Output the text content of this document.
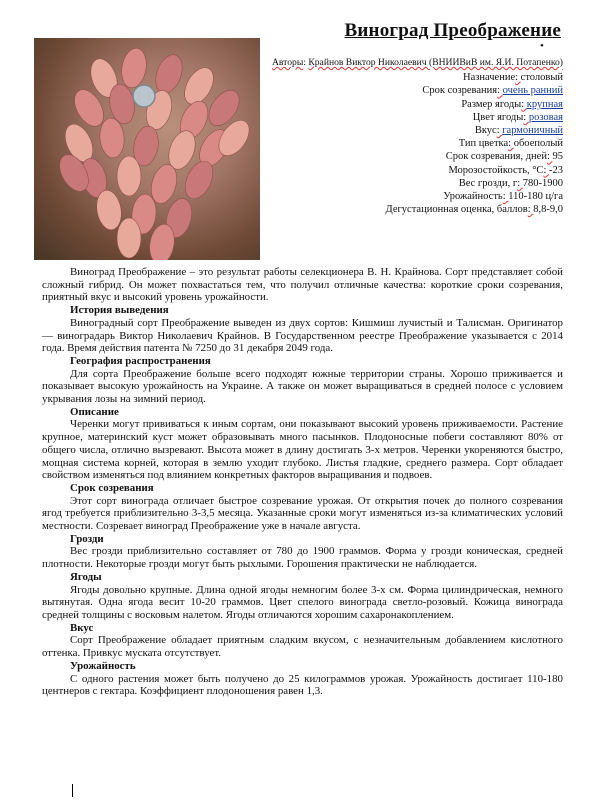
Виноград Преображение
•
Авторы: Крайнов Виктор Николаевич (ВНИИВиВ им. Я.И. Потапенко)
Назначение: столовый
Срок созревания: очень ранний
Размер ягоды: крупная
Цвет ягоды: розовая
Вкус: гармоничный
Тип цветка: обоеполый
Срок созревания, дней: 95
Морозостойкость, °С: -23
Вес грозди, г: 780-1900
Урожайность: 110-180 ц/га
Дегустационная оценка, баллов: 8,8-9,0

Виноград Преображение – это результат работы селекционера В. Н. Крайнова. Сорт представляет собой сложный гибрид. Он может похвастаться тем, что получил отличные качества: короткие сроки созревания, приятный вкус и высокий уровень урожайности.

История выведения

Виноградный сорт Преображение выведен из двух сортов: Кишмиш лучистый и Талисман. Оригинатор — виноградарь Виктор Николаевич Крайнов. В Государственном реестре Преображение указывается с 2014 года. Время действия патента № 7250 до 31 декабря 2049 года.

География распространения

Для сорта Преображение больше всего подходят южные территории страны. Хорошо приживается и показывает высокую урожайность на Украине. А также он может выращиваться в средней полосе с условием укрывания лозы на зимний период.

Описание

Черенки могут прививаться к иным сортам, они показывают высокий уровень приживаемости. Растение крупное, материнский куст может образовывать много пасынков. Плодоносные побеги составляют 80% от общего числа, отлично вызревают. Высота может в длину достигать 3-х метров. Черенки укореняются быстро, мощная система корней, которая в землю уходит глубоко. Листья гладкие, среднего размера. Сорт обладает свойством изменяться под влиянием конкретных факторов выращивания и подвоев.

Срок созревания

Этот сорт винограда отличает быстрое созревание урожая. От открытия почек до полного созревания ягод требуется приблизительно 3-3,5 месяца. Указанные сроки могут изменяться из-за климатических условий местности. Созревает виноград Преображение уже в начале августа.

Грозди

Вес грозди приблизительно составляет от 780 до 1900 граммов. Форма у грозди коническая, средней плотности. Некоторые грозди могут быть рыхлыми. Горошения практически не наблюдается.

Ягоды

Ягоды довольно крупные. Длина одной ягоды немногим более 3-х см. Форма цилиндрическая, немного вытянутая. Одна ягода весит 10-20 граммов. Цвет спелого винограда светло-розовый. Кожица винограда средней толщины с восковым налетом. Ягоды отличаются хорошим сахаронакоплением.

Вкус

Сорт Преображение обладает приятным сладким вкусом, с незначительным добавлением кислотного оттенка. Привкус муската отсутствует.

Урожайность

С одного растения может быть получено до 25 килограммов урожая. Урожайность достигает 110-180 центнеров с гектара. Коэффициент плодоношения равен 1,3.
